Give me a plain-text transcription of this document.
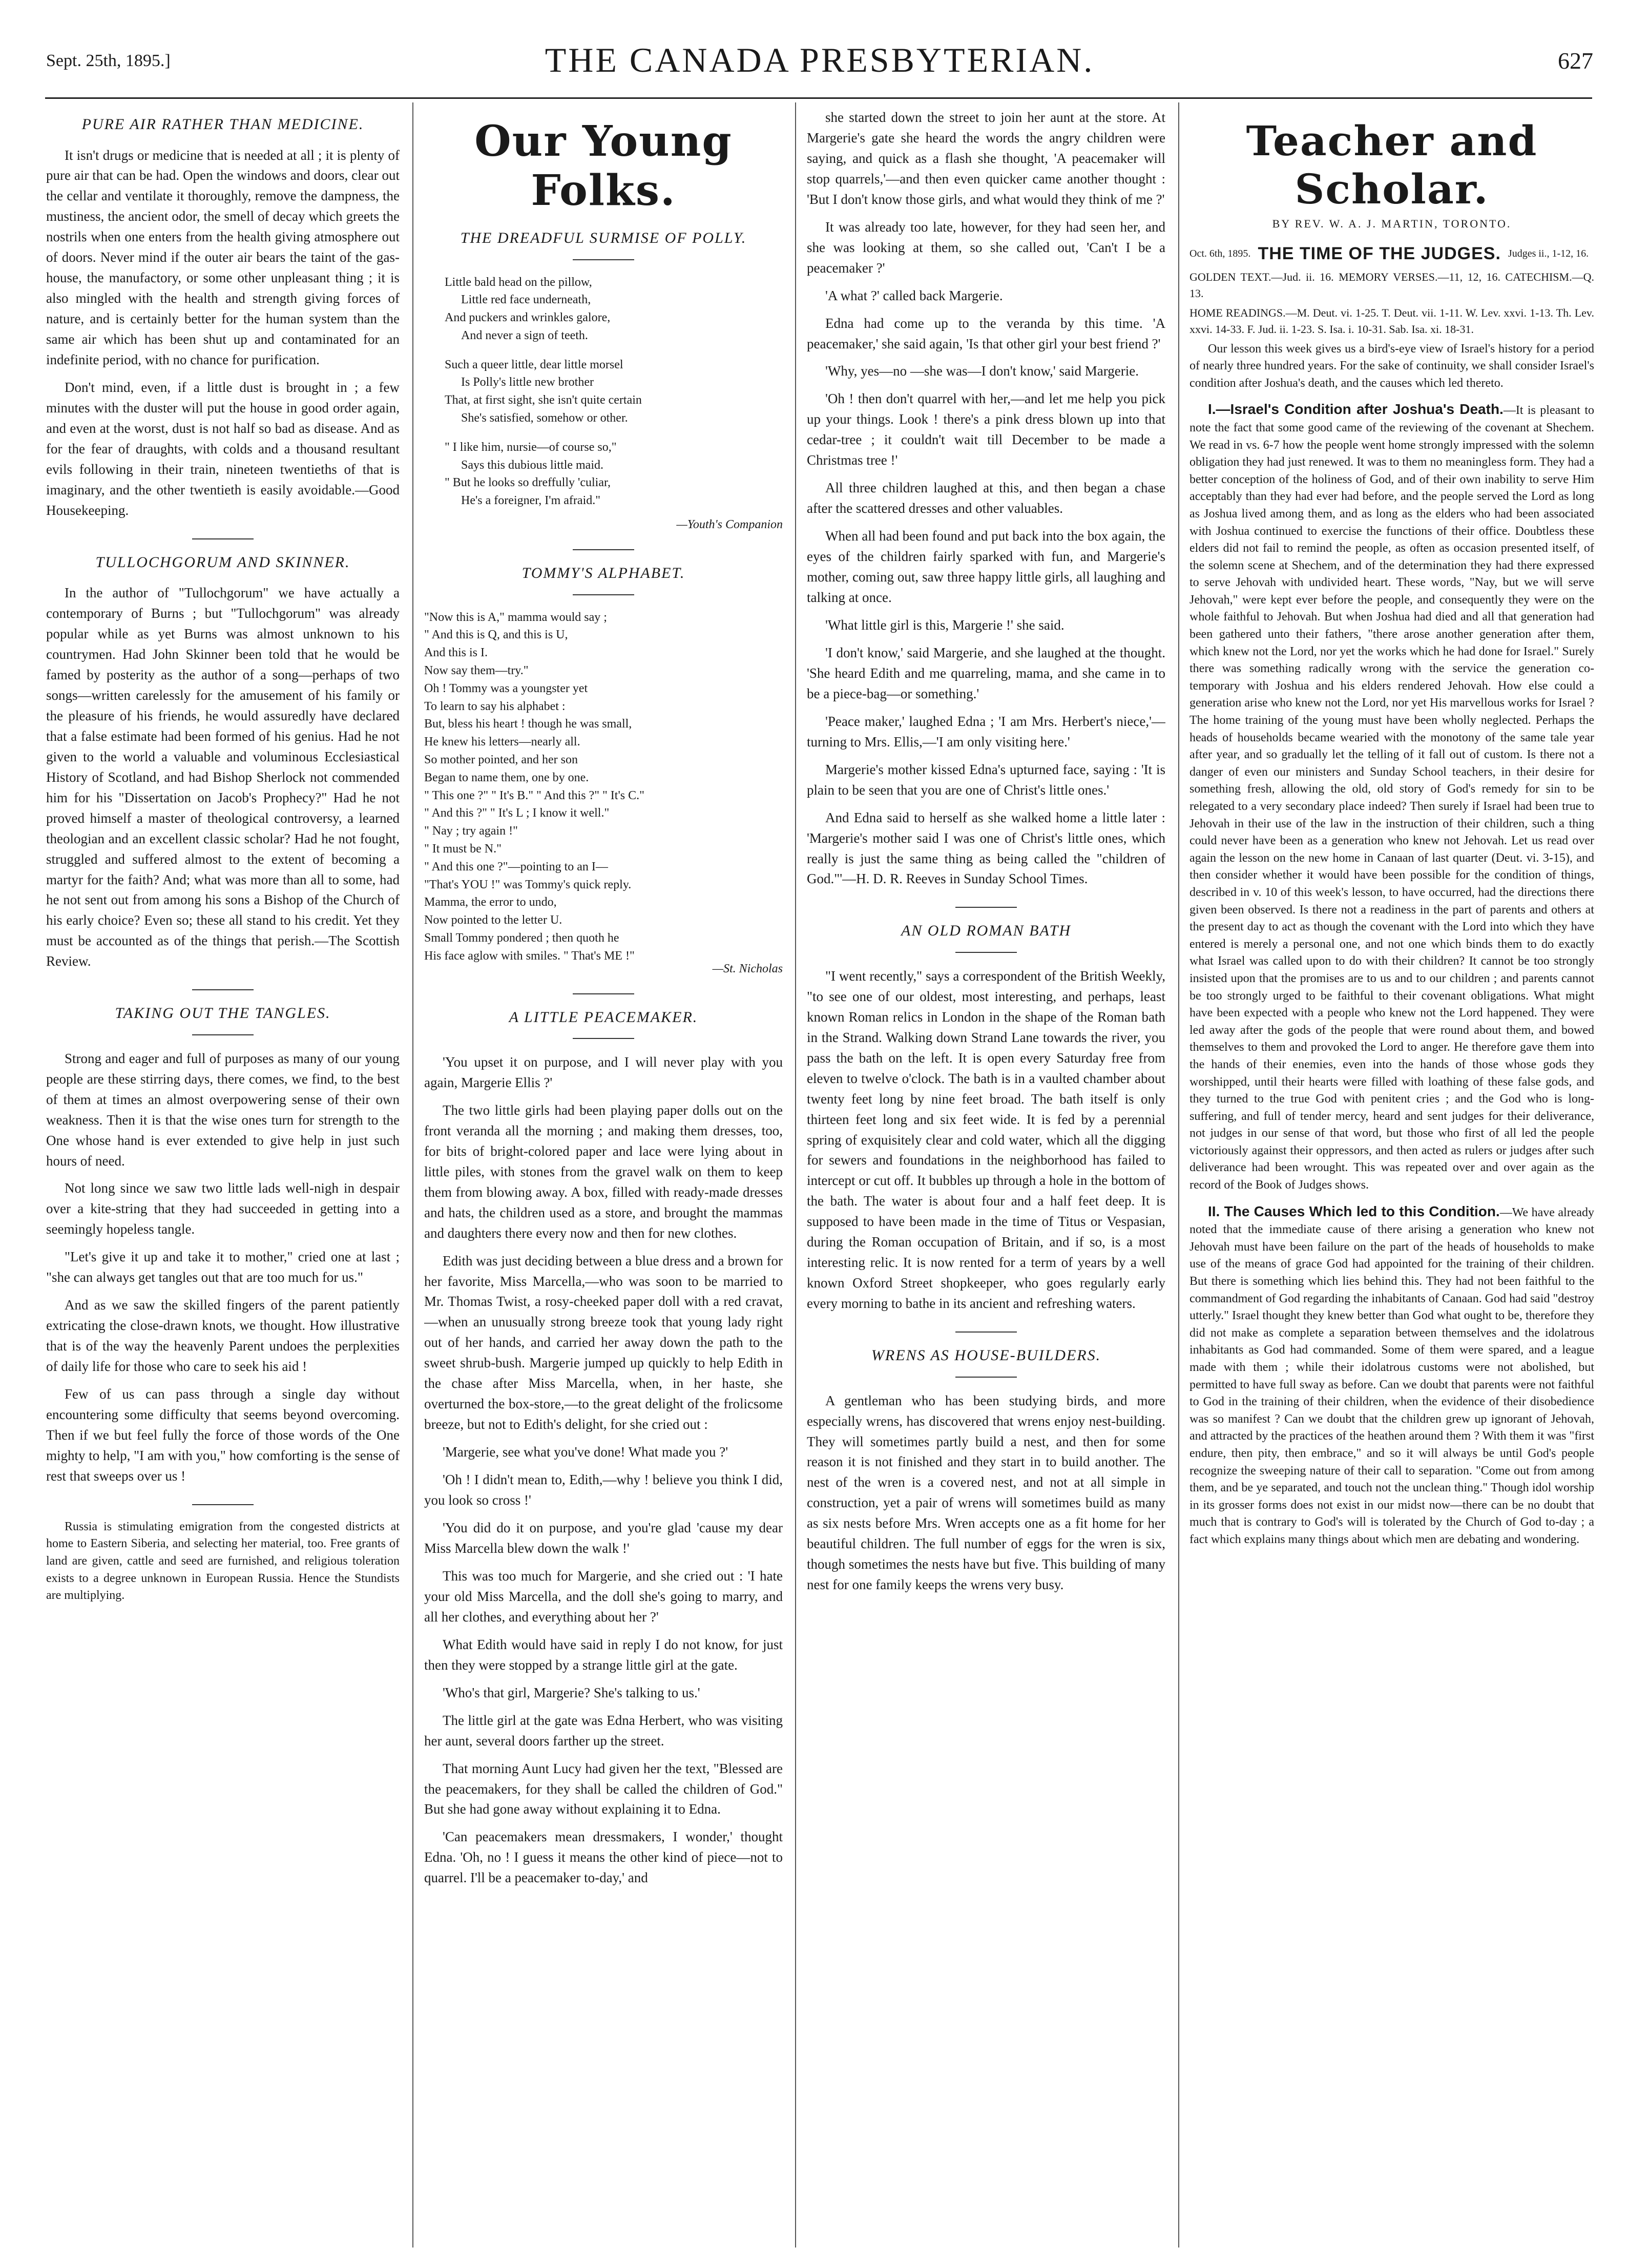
Sept. 25th, 1895.]	THE CANADA PRESBYTERIAN.	627
PURE AIR RATHER THAN MEDICINE.

It isn't drugs or medicine that is needed at all ; it is plenty of pure air that can be had. Open the windows and doors, clear out the cellar and ventilate it thoroughly, remove the dampness, the mustiness, the ancient odor, the smell of decay which greets the nostrils when one enters from the health giving atmosphere out of doors. Never mind if the outer air bears the taint of the gas-house, the manufactory, or some other unpleasant thing ; it is also mingled with the health and strength giving forces of nature, and is certainly better for the human system than the same air which has been shut up and contaminated for an indefinite period, with no chance for purification.

Don't mind, even, if a little dust is brought in ; a few minutes with the duster will put the house in good order again, and even at the worst, dust is not half so bad as disease. And as for the fear of draughts, with colds and a thousand resultant evils following in their train, nineteen twentieths of that is imaginary, and the other twentieth is easily avoidable.—Good Housekeeping.

TULLOCHGORUM AND SKINNER.

In the author of "Tullochgorum" we have actually a contemporary of Burns ; but "Tullochgorum" was already popular while as yet Burns was almost unknown to his countrymen. Had John Skinner been told that he would be famed by posterity as the author of a song—perhaps of two songs—written carelessly for the amusement of his family or the pleasure of his friends, he would assuredly have declared that a false estimate had been formed of his genius. Had he not given to the world a valuable and voluminous Ecclesiastical History of Scotland, and had Bishop Sherlock not commended him for his "Dissertation on Jacob's Prophecy?" Had he not proved himself a master of theological controversy, a learned theologian and an excellent classic scholar? Had he not fought, struggled and suffered almost to the extent of becoming a martyr for the faith? And; what was more than all to some, had he not sent out from among his sons a Bishop of the Church of his early choice? Even so; these all stand to his credit. Yet they must be accounted as of the things that perish.—The Scottish Review.

TAKING OUT THE TANGLES.

Strong and eager and full of purposes as many of our young people are these stirring days, there comes, we find, to the best of them at times an almost overpowering sense of their own weakness. Then it is that the wise ones turn for strength to the One whose hand is ever extended to give help in just such hours of need.

Not long since we saw two little lads well-nigh in despair over a kite-string that they had succeeded in getting into a seemingly hopeless tangle.

"Let's give it up and take it to mother," cried one at last ; "she can always get tangles out that are too much for us."

And as we saw the skilled fingers of the parent patiently extricating the close-drawn knots, we thought. How illustrative that is of the way the heavenly Parent undoes the perplexities of daily life for those who care to seek his aid !

Few of us can pass through a single day without encountering some difficulty that seems beyond overcoming. Then if we but feel fully the force of those words of the One mighty to help, "I am with you," how comforting is the sense of rest that sweeps over us !

Russia is stimulating emigration from the congested districts at home to Eastern Siberia, and selecting her material, too. Free grants of land are given, cattle and seed are furnished, and religious toleration exists to a degree unknown in European Russia. Hence the Stundists are multiplying.

Our Young Folks.
THE DREADFUL SURMISE OF POLLY.
Little bald head on the pillow,
Little red face underneath,
And puckers and wrinkles galore,
And never a sign of teeth.
Such a queer little, dear little morsel
Is Polly's little new brother
That, at first sight, she isn't quite certain
She's satisfied, somehow or other.
" I like him, nursie—of course so,"
Says this dubious little maid.
" But he looks so dreffully 'culiar,
He's a foreigner, I'm afraid."
—Youth's Companion
TOMMY'S ALPHABET.
"Now this is A," mamma would say ;
" And this is Q, and this is U,
And this is I.
Now say them—try."
Oh ! Tommy was a youngster yet
To learn to say his alphabet :
But, bless his heart ! though he was small,
He knew his letters—nearly all.
So mother pointed, and her son
Began to name them, one by one.
" This one ?" " It's B." " And this ?" " It's C."
" And this ?" " It's L ; I know it well."
" Nay ; try again !"
" It must be N."
" And this one ?"—pointing to an I—
"That's YOU !" was Tommy's quick reply.
Mamma, the error to undo,
Now pointed to the letter U.
Small Tommy pondered ; then quoth he
His face aglow with smiles. " That's ME !"
—St. Nicholas
A LITTLE PEACEMAKER.

'You upset it on purpose, and I will never play with you again, Margerie Ellis ?'

The two little girls had been playing paper dolls out on the front veranda all the morning ; and making them dresses, too, for bits of bright-colored paper and lace were lying about in little piles, with stones from the gravel walk on them to keep them from blowing away. A box, filled with ready-made dresses and hats, the children used as a store, and brought the mammas and daughters there every now and then for new clothes.

Edith was just deciding between a blue dress and a brown for her favorite, Miss Marcella,—who was soon to be married to Mr. Thomas Twist, a rosy-cheeked paper doll with a red cravat,—when an unusually strong breeze took that young lady right out of her hands, and carried her away down the path to the sweet shrub-bush. Margerie jumped up quickly to help Edith in the chase after Miss Marcella, when, in her haste, she overturned the box-store,—to the great delight of the frolicsome breeze, but not to Edith's delight, for she cried out :

'Margerie, see what you've done! What made you ?'

'Oh ! I didn't mean to, Edith,—why ! believe you think I did, you look so cross !'

'You did do it on purpose, and you're glad 'cause my dear Miss Marcella blew down the walk !'

This was too much for Margerie, and she cried out : 'I hate your old Miss Marcella, and the doll she's going to marry, and all her clothes, and everything about her ?'

What Edith would have said in reply I do not know, for just then they were stopped by a strange little girl at the gate.

'Who's that girl, Margerie? She's talking to us.'

The little girl at the gate was Edna Herbert, who was visiting her aunt, several doors farther up the street.

That morning Aunt Lucy had given her the text, "Blessed are the peacemakers, for they shall be called the children of God." But she had gone away without explaining it to Edna.

'Can peacemakers mean dressmakers, I wonder,' thought Edna. 'Oh, no ! I guess it means the other kind of piece—not to quarrel. I'll be a peacemaker to-day,' and

she started down the street to join her aunt at the store. At Margerie's gate she heard the words the angry children were saying, and quick as a flash she thought, 'A peacemaker will stop quarrels,'—and then even quicker came another thought : 'But I don't know those girls, and what would they think of me ?'

It was already too late, however, for they had seen her, and she was looking at them, so she called out, 'Can't I be a peacemaker ?'

'A what ?' called back Margerie.

Edna had come up to the veranda by this time. 'A peacemaker,' she said again, 'Is that other girl your best friend ?'

'Why, yes—no —she was—I don't know,' said Margerie.

'Oh ! then don't quarrel with her,—and let me help you pick up your things. Look ! there's a pink dress blown up into that cedar-tree ; it couldn't wait till December to be made a Christmas tree !'

All three children laughed at this, and then began a chase after the scattered dresses and other valuables.

When all had been found and put back into the box again, the eyes of the children fairly sparked with fun, and Margerie's mother, coming out, saw three happy little girls, all laughing and talking at once.

'What little girl is this, Margerie !' she said.

'I don't know,' said Margerie, and she laughed at the thought. 'She heard Edith and me quarreling, mama, and she came in to be a piece-bag—or something.'

'Peace maker,' laughed Edna ; 'I am Mrs. Herbert's niece,'—turning to Mrs. Ellis,—'I am only visiting here.'

Margerie's mother kissed Edna's upturned face, saying : 'It is plain to be seen that you are one of Christ's little ones.'

And Edna said to herself as she walked home a little later : 'Margerie's mother said I was one of Christ's little ones, which really is just the same thing as being called the "children of God."'—H. D. R. Reeves in Sunday School Times.

AN OLD ROMAN BATH

"I went recently," says a correspondent of the British Weekly, "to see one of our oldest, most interesting, and perhaps, least known Roman relics in London in the shape of the Roman bath in the Strand. Walking down Strand Lane towards the river, you pass the bath on the left. It is open every Saturday free from eleven to twelve o'clock. The bath is in a vaulted chamber about twenty feet long by nine feet broad. The bath itself is only thirteen feet long and six feet wide. It is fed by a perennial spring of exquisitely clear and cold water, which all the digging for sewers and foundations in the neighborhood has failed to intercept or cut off. It bubbles up through a hole in the bottom of the bath. The water is about four and a half feet deep. It is supposed to have been made in the time of Titus or Vespasian, during the Roman occupation of Britain, and if so, is a most interesting relic. It is now rented for a term of years by a well known Oxford Street shopkeeper, who goes regularly early every morning to bathe in its ancient and refreshing waters.

WRENS AS HOUSE-BUILDERS.

A gentleman who has been studying birds, and more especially wrens, has discovered that wrens enjoy nest-building. They will sometimes partly build a nest, and then for some reason it is not finished and they start in to build another. The nest of the wren is a covered nest, and not at all simple in construction, yet a pair of wrens will sometimes build as many as six nests before Mrs. Wren accepts one as a fit home for her beautiful children. The full number of eggs for the wren is six, though sometimes the nests have but five. This building of many nest for one family keeps the wrens very busy.

Teacher and Scholar.
BY REV. W. A. J. MARTIN, TORONTO.
Oct. 6th, 1895. THE TIME OF THE JUDGES. Judges ii., 1-12, 16.
GOLDEN TEXT.—Jud. ii. 16. MEMORY VERSES.—11, 12, 16. CATECHISM.—Q. 13.
HOME READINGS.—M. Deut. vi. 1-25. T. Deut. vii. 1-11. W. Lev. xxvi. 1-13. Th. Lev. xxvi. 14-33. F. Jud. ii. 1-23. S. Isa. i. 10-31. Sab. Isa. xi. 18-31.

Our lesson this week gives us a bird's-eye view of Israel's history for a period of nearly three hundred years. For the sake of continuity, we shall consider Israel's condition after Joshua's death, and the causes which led thereto.

I.—Israel's Condition after Joshua's Death.—It is pleasant to note the fact that some good came of the reviewing of the covenant at Shechem. We read in vs. 6-7 how the people went home strongly impressed with the solemn obligation they had just renewed. It was to them no meaningless form. They had a better conception of the holiness of God, and of their own inability to serve Him acceptably than they had ever had before, and the people served the Lord as long as Joshua lived among them, and as long as the elders who had been associated with Joshua continued to exercise the functions of their office. Doubtless these elders did not fail to remind the people, as often as occasion presented itself, of the solemn scene at Shechem, and of the determination they had there expressed to serve Jehovah with undivided heart. These words, "Nay, but we will serve Jehovah," were kept ever before the people, and consequently they were on the whole faithful to Jehovah. But when Joshua had died and all that generation had been gathered unto their fathers, "there arose another generation after them, which knew not the Lord, nor yet the works which he had done for Israel." Surely there was something radically wrong with the service the generation co-temporary with Joshua and his elders rendered Jehovah. How else could a generation arise who knew not the Lord, nor yet His marvellous works for Israel ? The home training of the young must have been wholly neglected. Perhaps the heads of households became wearied with the monotony of the same tale year after year, and so gradually let the telling of it fall out of custom. Is there not a danger of even our ministers and Sunday School teachers, in their desire for something fresh, allowing the old, old story of God's remedy for sin to be relegated to a very secondary place indeed? Then surely if Israel had been true to Jehovah in their use of the law in the instruction of their children, such a thing could never have been as a generation who knew not Jehovah. Let us read over again the lesson on the new home in Canaan of last quarter (Deut. vi. 3-15), and then consider whether it would have been possible for the condition of things, described in v. 10 of this week's lesson, to have occurred, had the directions there given been observed. Is there not a readiness in the part of parents and others at the present day to act as though the covenant with the Lord into which they have entered is merely a personal one, and not one which binds them to do exactly what Israel was called upon to do with their children? It cannot be too strongly insisted upon that the promises are to us and to our children ; and parents cannot be too strongly urged to be faithful to their covenant obligations. What might have been expected with a people who knew not the Lord happened. They were led away after the gods of the people that were round about them, and bowed themselves to them and provoked the Lord to anger. He therefore gave them into the hands of their enemies, even into the hands of those whose gods they worshipped, until their hearts were filled with loathing of these false gods, and they turned to the true God with penitent cries ; and the God who is long-suffering, and full of tender mercy, heard and sent judges for their deliverance, not judges in our sense of that word, but those who first of all led the people victoriously against their oppressors, and then acted as rulers or judges after such deliverance had been wrought. This was repeated over and over again as the record of the Book of Judges shows.

II. The Causes Which led to this Condition.—We have already noted that the immediate cause of there arising a generation who knew not Jehovah must have been failure on the part of the heads of households to make use of the means of grace God had appointed for the training of their children. But there is something which lies behind this. They had not been faithful to the commandment of God regarding the inhabitants of Canaan. God had said "destroy utterly." Israel thought they knew better than God what ought to be, therefore they did not make as complete a separation between themselves and the idolatrous inhabitants as God had commanded. Some of them were spared, and a league made with them ; while their idolatrous customs were not abolished, but permitted to have full sway as before. Can we doubt that parents were not faithful to God in the training of their children, when the evidence of their disobedience was so manifest ? Can we doubt that the children grew up ignorant of Jehovah, and attracted by the practices of the heathen around them ? With them it was "first endure, then pity, then embrace," and so it will always be until God's people recognize the sweeping nature of their call to separation. "Come out from among them, and be ye separated, and touch not the unclean thing." Though idol worship in its grosser forms does not exist in our midst now—there can be no doubt that much that is contrary to God's will is tolerated by the Church of God to-day ; a fact which explains many things about which men are debating and wondering.
